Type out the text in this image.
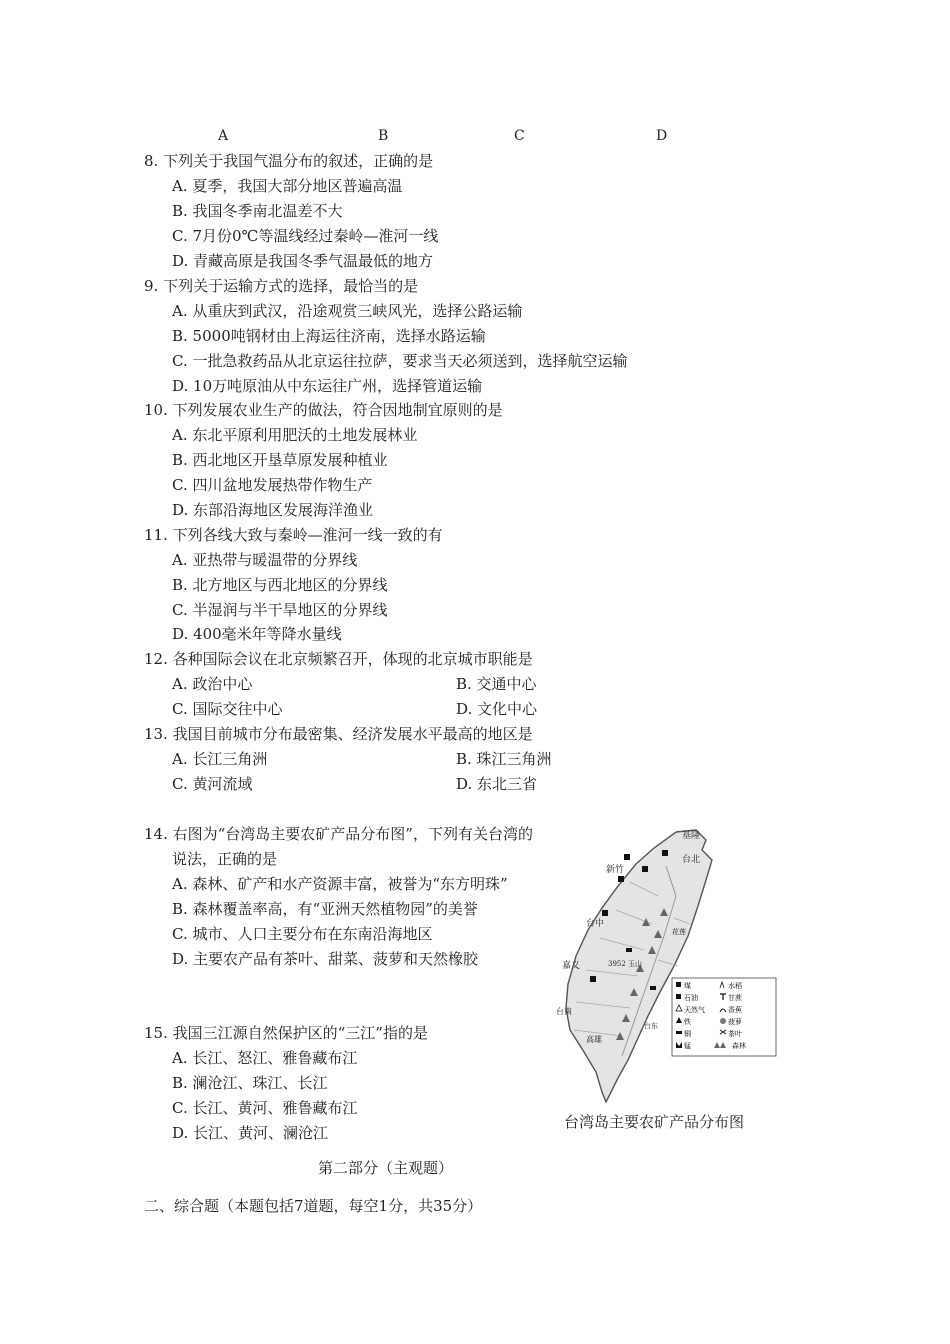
A	B	C	D
8. 下列关于我国气温分布的叙述，正确的是
A. 夏季，我国大部分地区普遍高温
B. 我国冬季南北温差不大
C. 7月份0℃等温线经过秦岭—淮河一线
D. 青藏高原是我国冬季气温最低的地方
9. 下列关于运输方式的选择，最恰当的是
A. 从重庆到武汉，沿途观赏三峡风光，选择公路运输
B. 5000吨钢材由上海运往济南，选择水路运输
C. 一批急救药品从北京运往拉萨，要求当天必须送到，选择航空运输
D. 10万吨原油从中东运往广州，选择管道运输
10. 下列发展农业生产的做法，符合因地制宜原则的是
A. 东北平原利用肥沃的土地发展林业
B. 西北地区开垦草原发展种植业
C. 四川盆地发展热带作物生产
D. 东部沿海地区发展海洋渔业
11. 下列各线大致与秦岭—淮河一线一致的有
A. 亚热带与暖温带的分界线
B. 北方地区与西北地区的分界线
C. 半湿润与半干旱地区的分界线
D. 400毫米年等降水量线
12. 各种国际会议在北京频繁召开，体现的北京城市职能是
A. 政治中心	B. 交通中心
C. 国际交往中心	D. 文化中心
13. 我国目前城市分布最密集、经济发展水平最高的地区是
A. 长江三角洲	B. 珠江三角洲
C. 黄河流域	D. 东北三省
14. 右图为“台湾岛主要农矿产品分布图”，下列有关台湾的
说法，正确的是
A. 森林、矿产和水产资源丰富，被誉为“东方明珠”
B. 森林覆盖率高，有“亚洲天然植物园”的美誉
C. 城市、人口主要分布在东南沿海地区
D. 主要农产品有茶叶、甜菜、菠萝和天然橡胶
15. 我国三江源自然保护区的“三江”指的是
A. 长江、怒江、雅鲁藏布江
B. 澜沧江、珠江、长江
C. 长江、黄河、雅鲁藏布江
D. 长江、黄河、澜沧江
基隆
台北
新竹
台中
花莲
嘉义
台南
高雄
台东
3952 玉山
煤
石油
天然气
铁
铜
锰
水稻
甘蔗
香蕉
菠萝
茶叶
森林
台湾岛主要农矿产品分布图
第二部分（主观题）
二、综合题（本题包括7道题，每空1分，共35分）
